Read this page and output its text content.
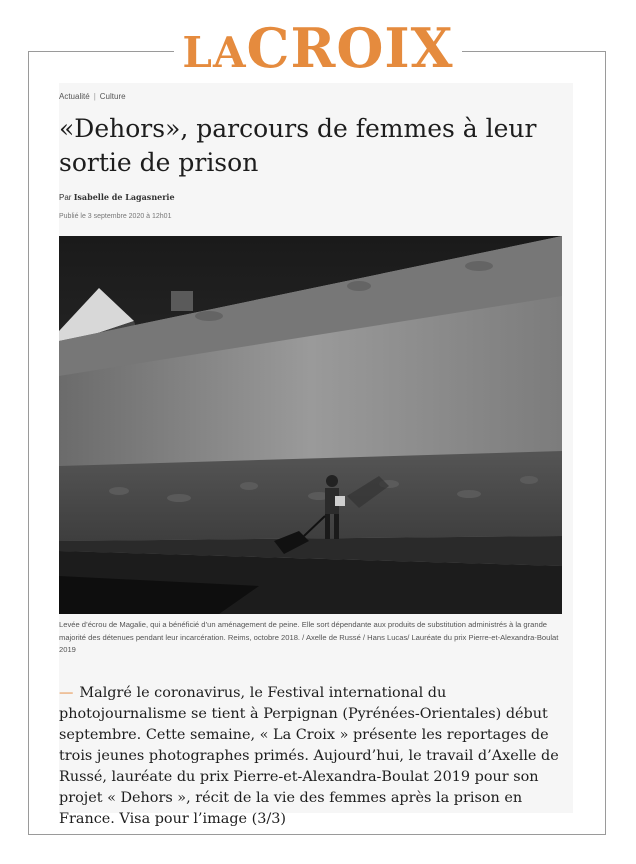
LACROIX
Actualité | Culture
«Dehors», parcours de femmes à leur sortie de prison
Par Isabelle de Lagasnerie
Publié le 3 septembre 2020 à 12h01
Levée d’écrou de Magalie, qui a bénéficié d’un aménagement de peine. Elle sort dépendante aux produits de substitution administrés à la grande majorité des détenues pendant leur incarcération. Reims, octobre 2018. / Axelle de Russé / Hans Lucas/ Lauréate du prix Pierre-et-Alexandra-Boulat 2019
— Malgré le coronavirus, le Festival international du photojournalisme se tient à Perpignan (Pyrénées-Orientales) début septembre. Cette semaine, « La Croix » présente les reportages de trois jeunes photographes primés. Aujourd’hui, le travail d’Axelle de Russé, lauréate du prix Pierre-et-Alexandra-Boulat 2019 pour son projet « Dehors », récit de la vie des femmes après la prison en France. Visa pour l’image (3/3)
